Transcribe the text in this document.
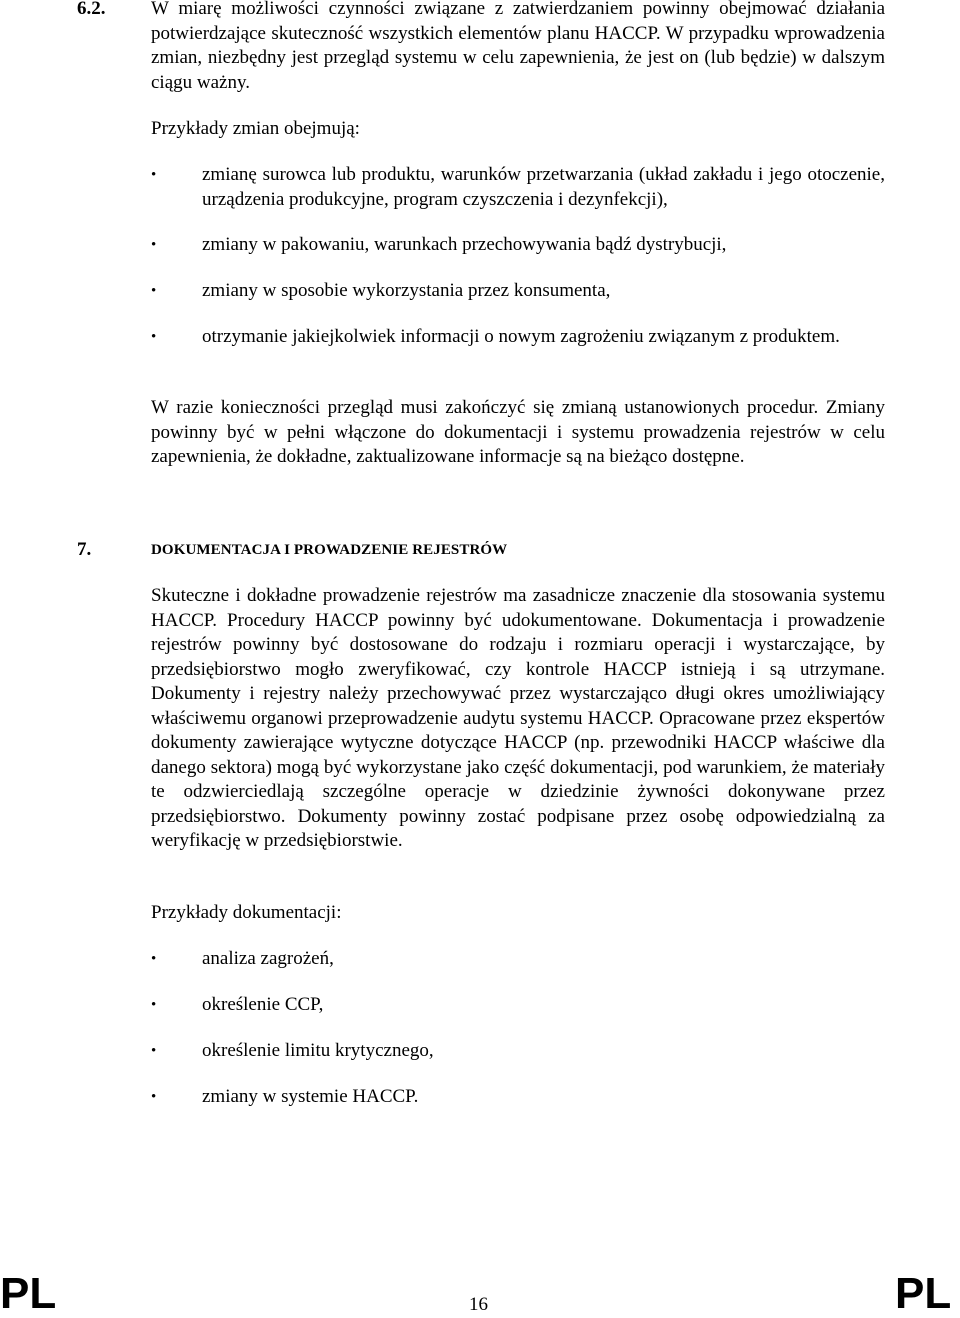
6.2. W miarę możliwości czynności związane z zatwierdzaniem powinny obejmować działania potwierdzające skuteczność wszystkich elementów planu HACCP. W przypadku wprowadzenia zmian, niezbędny jest przegląd systemu w celu zapewnienia, że jest on (lub będzie) w dalszym ciągu ważny.
Przykłady zmian obejmują:
• zmianę surowca lub produktu, warunków przetwarzania (układ zakładu i jego otoczenie, urządzenia produkcyjne, program czyszczenia i dezynfekcji),
• zmiany w pakowaniu, warunkach przechowywania bądź dystrybucji,
• zmiany w sposobie wykorzystania przez konsumenta,
• otrzymanie jakiejkolwiek informacji o nowym zagrożeniu związanym z produktem.
W razie konieczności przegląd musi zakończyć się zmianą ustanowionych procedur. Zmiany powinny być w pełni włączone do dokumentacji i systemu prowadzenia rejestrów w celu zapewnienia, że dokładne, zaktualizowane informacje są na bieżąco dostępne.
7.	DOKUMENTACJA I PROWADZENIE REJESTRÓW
Skuteczne i dokładne prowadzenie rejestrów ma zasadnicze znaczenie dla stosowania systemu HACCP. Procedury HACCP powinny być udokumentowane. Dokumentacja i prowadzenie rejestrów powinny być dostosowane do rodzaju i rozmiaru operacji i wystarczające, by przedsiębiorstwo mogło zweryfikować, czy kontrole HACCP istnieją i są utrzymane. Dokumenty i rejestry należy przechowywać przez wystarczająco długi okres umożliwiający właściwemu organowi przeprowadzenie audytu systemu HACCP. Opracowane przez ekspertów dokumenty zawierające wytyczne dotyczące HACCP (np. przewodniki HACCP właściwe dla danego sektora) mogą być wykorzystane jako część dokumentacji, pod warunkiem, że materiały te odzwierciedlają szczególne operacje w dziedzinie żywności dokonywane przez przedsiębiorstwo. Dokumenty powinny zostać podpisane przez osobę odpowiedzialną za weryfikację w przedsiębiorstwie.
Przykłady dokumentacji:
• analiza zagrożeń,
• określenie CCP,
• określenie limitu krytycznego,
• zmiany w systemie HACCP.
PL	16	PL
